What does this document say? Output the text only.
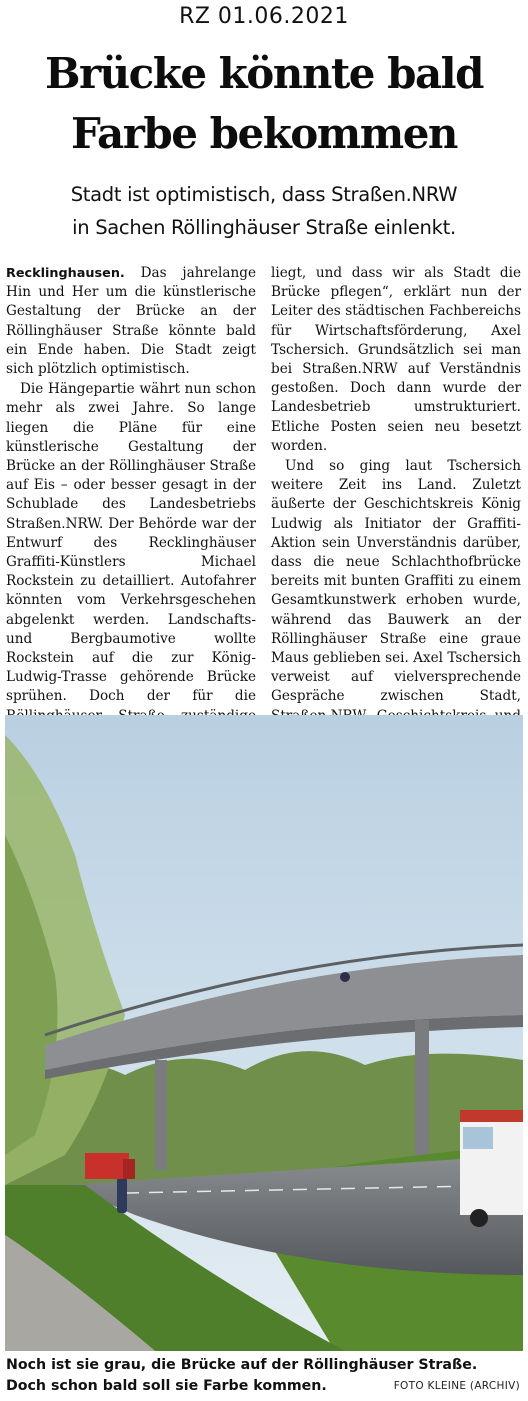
RZ 01.06.2021
Brücke könnte bald
Farbe bekommen
Stadt ist optimistisch, dass Straßen.NRW
in Sachen Röllinghäuser Straße einlenkt.

Recklinghausen. Das jahrelange Hin und Her um die künstlerische Gestaltung der Brücke an der Röllinghäuser Straße könnte bald ein Ende haben. Die Stadt zeigt sich plötzlich optimistisch.

Die Hängepartie währt nun schon mehr als zwei Jahre. So lange liegen die Pläne für eine künstlerische Gestaltung der Brücke an der Röllinghäuser Straße auf Eis – oder besser gesagt in der Schublade des Landesbetriebs Straßen.NRW. Der Behörde war der Entwurf des Recklinghäuser Graffiti-Künstlers Michael Rockstein zu detailliert. Autofahrer könnten vom Verkehrsgeschehen abgelenkt werden. Landschafts- und Bergbaumotive wollte Rockstein auf die zur König-Ludwig-Trasse gehörende Brücke sprühen. Doch der für die

liegt, und dass wir als Stadt die Brücke pflegen“, erklärt nun der Leiter des städtischen Fachbereichs für Wirtschaftsförderung, Axel Tschersich. Grundsätzlich sei man bei Straßen.NRW auf Verständnis gestoßen. Doch dann wurde der Landesbetrieb umstrukturiert. Etliche Posten seien neu besetzt worden.

Und so ging laut Tschersich weitere Zeit ins Land. Zuletzt äußerte der Geschichtskreis König Ludwig als Initiator der Graffiti-Aktion sein Unverständnis darüber, dass die neue Schlachthofbrücke bereits mit bunten Graffiti zu einem Gesamtkunstwerk erhoben wurde, während das Bauwerk an der Röllinghäuser Straße eine graue Maus geblieben sei. Axel Tschersich verweist auf vielversprechende Gespräche zwischen Stadt,

Noch ist sie grau, die Brücke auf der Röllinghäuser Straße.
Doch schon bald soll sie Farbe kommen.	FOTO KLEINE (ARCHIV)
